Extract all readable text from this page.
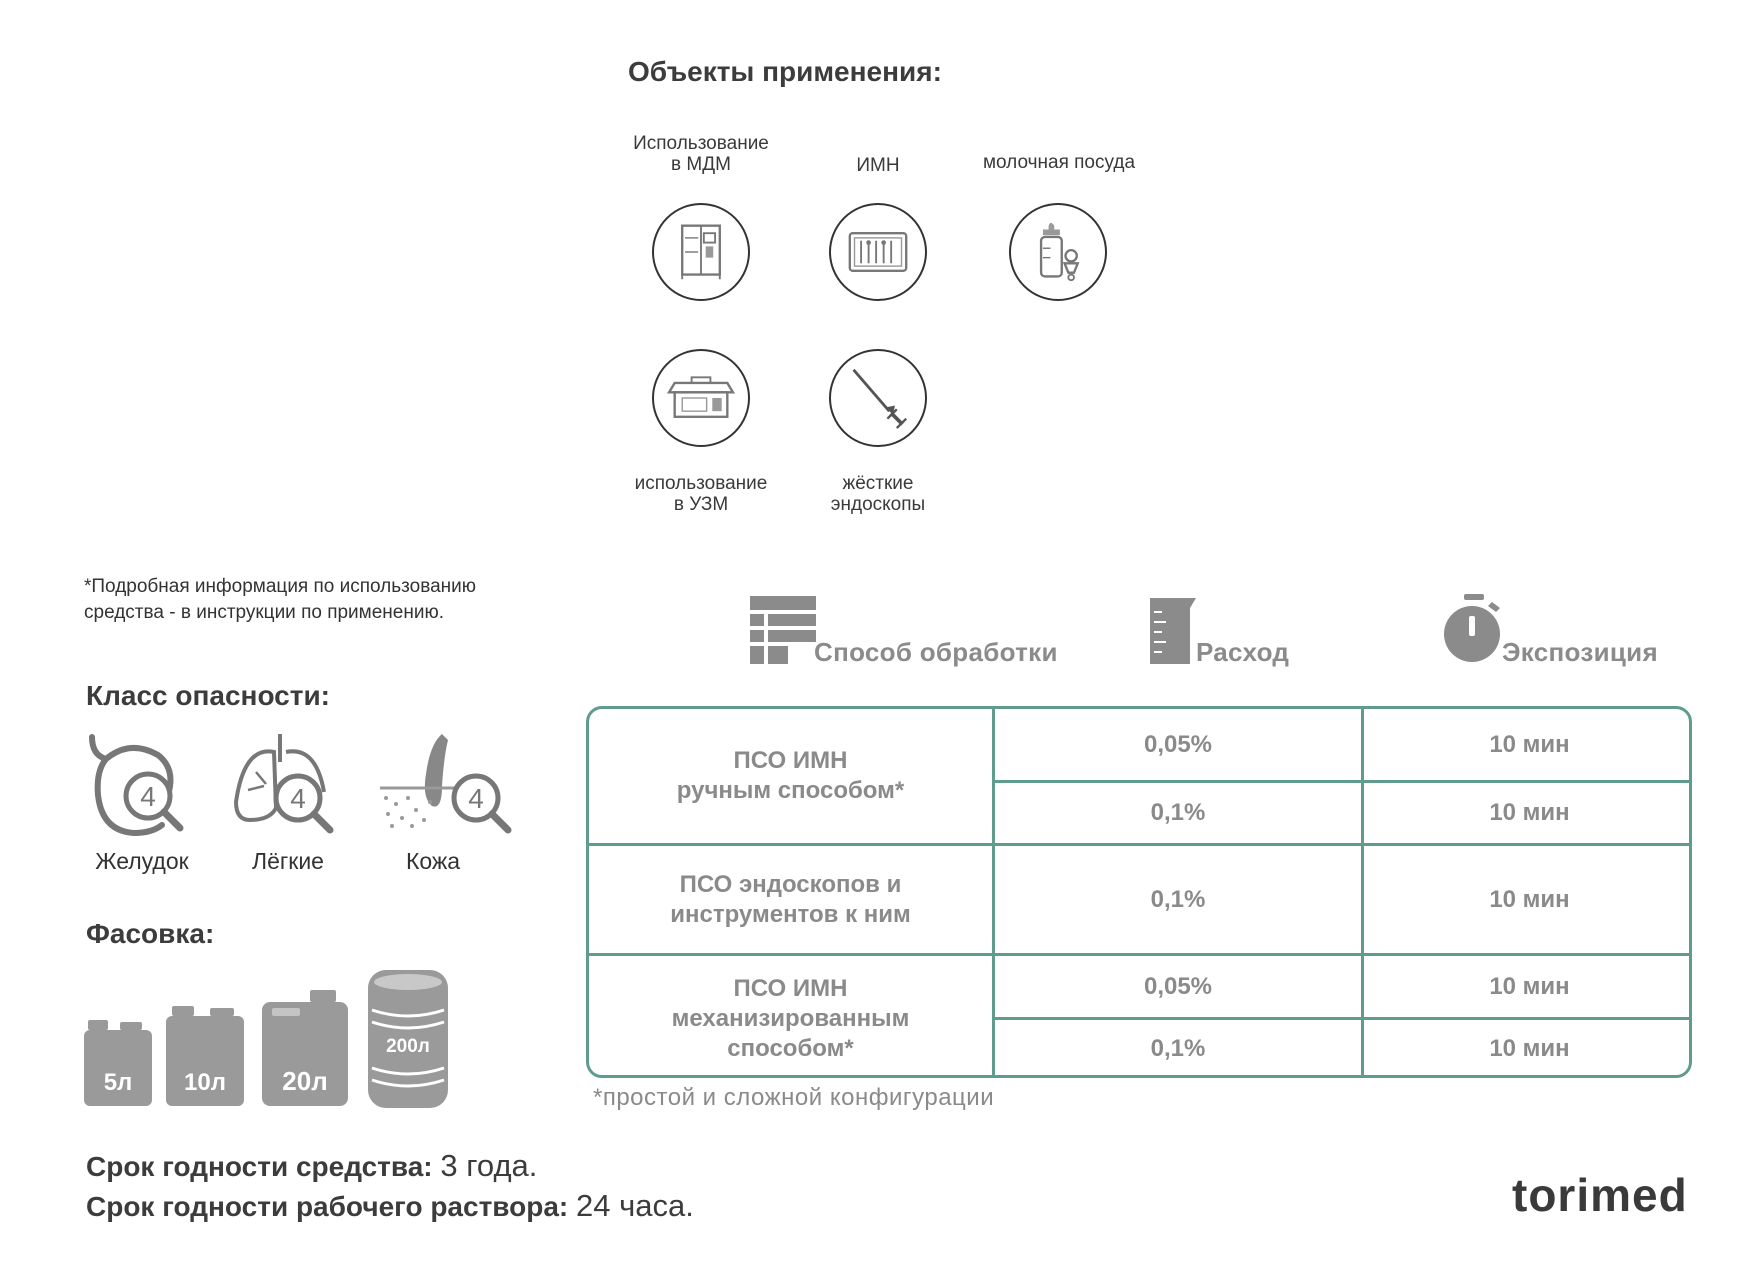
Объекты применения:
Использование
в МДМ	ИМН	молочная посуда
использование
в УЗМ
жёсткие
эндоскопы
*Подробная информация по использованию
средства - в инструкции по применению.
Класс опасности:
4
Желудок
4
Лёгкие
4
Кожа
Фасовка:
5л 10л 20л
200л
Способ обработки	Расход	Экспозиция
ПСО ИМН
ручным способом*
0,05%	10 мин
0,1%	10 мин
ПСО эндоскопов и
инструментов к ним
0,1%	10 мин
ПСО ИМН
механизированным
способом*
0,05%	10 мин
0,1%	10 мин
*простой и сложной конфигурации
Срок годности средства: 3 года.
Срок годности рабочего раствора: 24 часа.	torimed
